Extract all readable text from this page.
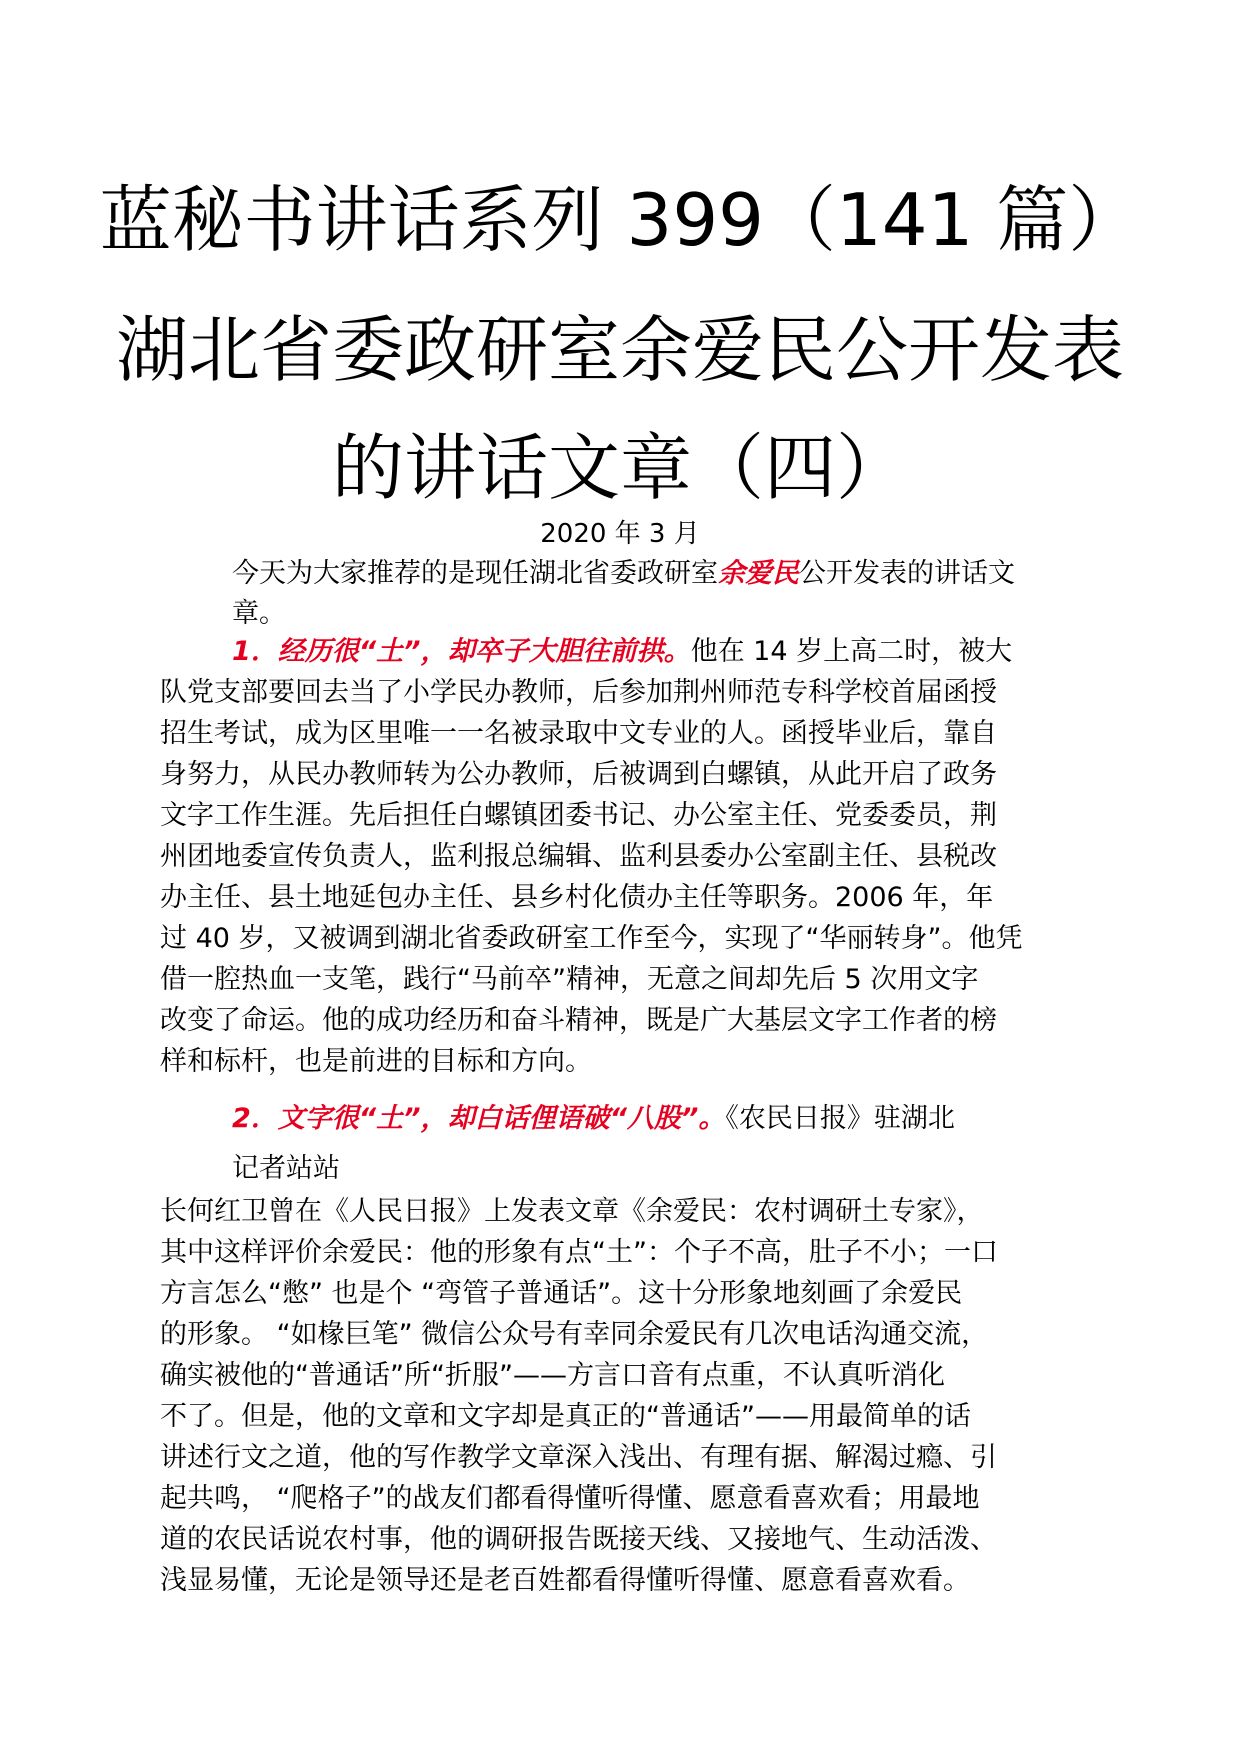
蓝秘书讲话系列 399（141 篇）
湖北省委政研室余爱民公开发表
的讲话文章（四）
2020 年 3 月
今天为大家推荐的是现任湖北省委政研室余爱民公开发表的讲话文
章。
1．经历很“土”，却卒子大胆往前拱。他在 14 岁上高二时，被大
队党支部要回去当了小学民办教师，后参加荆州师范专科学校首届函授
招生考试，成为区里唯一一名被录取中文专业的人。函授毕业后，靠自
身努力，从民办教师转为公办教师，后被调到白螺镇，从此开启了政务
文字工作生涯。先后担任白螺镇团委书记、办公室主任、党委委员，荆
州团地委宣传负责人，监利报总编辑、监利县委办公室副主任、县税改
办主任、县土地延包办主任、县乡村化债办主任等职务。2006 年，年
过 40 岁，又被调到湖北省委政研室工作至今，实现了“华丽转身”。他凭
借一腔热血一支笔，践行“马前卒”精神，无意之间却先后 5 次用文字
改变了命运。他的成功经历和奋斗精神，既是广大基层文字工作者的榜
样和标杆，也是前进的目标和方向。
2．文字很“土”，却白话俚语破“八股”。《农民日报》驻湖北
记者站站
长何红卫曾在《人民日报》上发表文章《余爱民：农村调研土专家》，
其中这样评价余爱民：他的形象有点“土”：个子不高，肚子不小；一口
方言怎么“憋” 也是个 “弯管子普通话”。这十分形象地刻画了余爱民
的形象。 “如椽巨笔” 微信公众号有幸同余爱民有几次电话沟通交流，
确实被他的“普通话”所“折服”——方言口音有点重，不认真听消化
不了。但是，他的文章和文字却是真正的“普通话”——用最简单的话
讲述行文之道，他的写作教学文章深入浅出、有理有据、解渴过瘾、引
起共鸣， “爬格子”的战友们都看得懂听得懂、愿意看喜欢看；用最地
道的农民话说农村事，他的调研报告既接天线、又接地气、生动活泼、
浅显易懂，无论是领导还是老百姓都看得懂听得懂、愿意看喜欢看。
